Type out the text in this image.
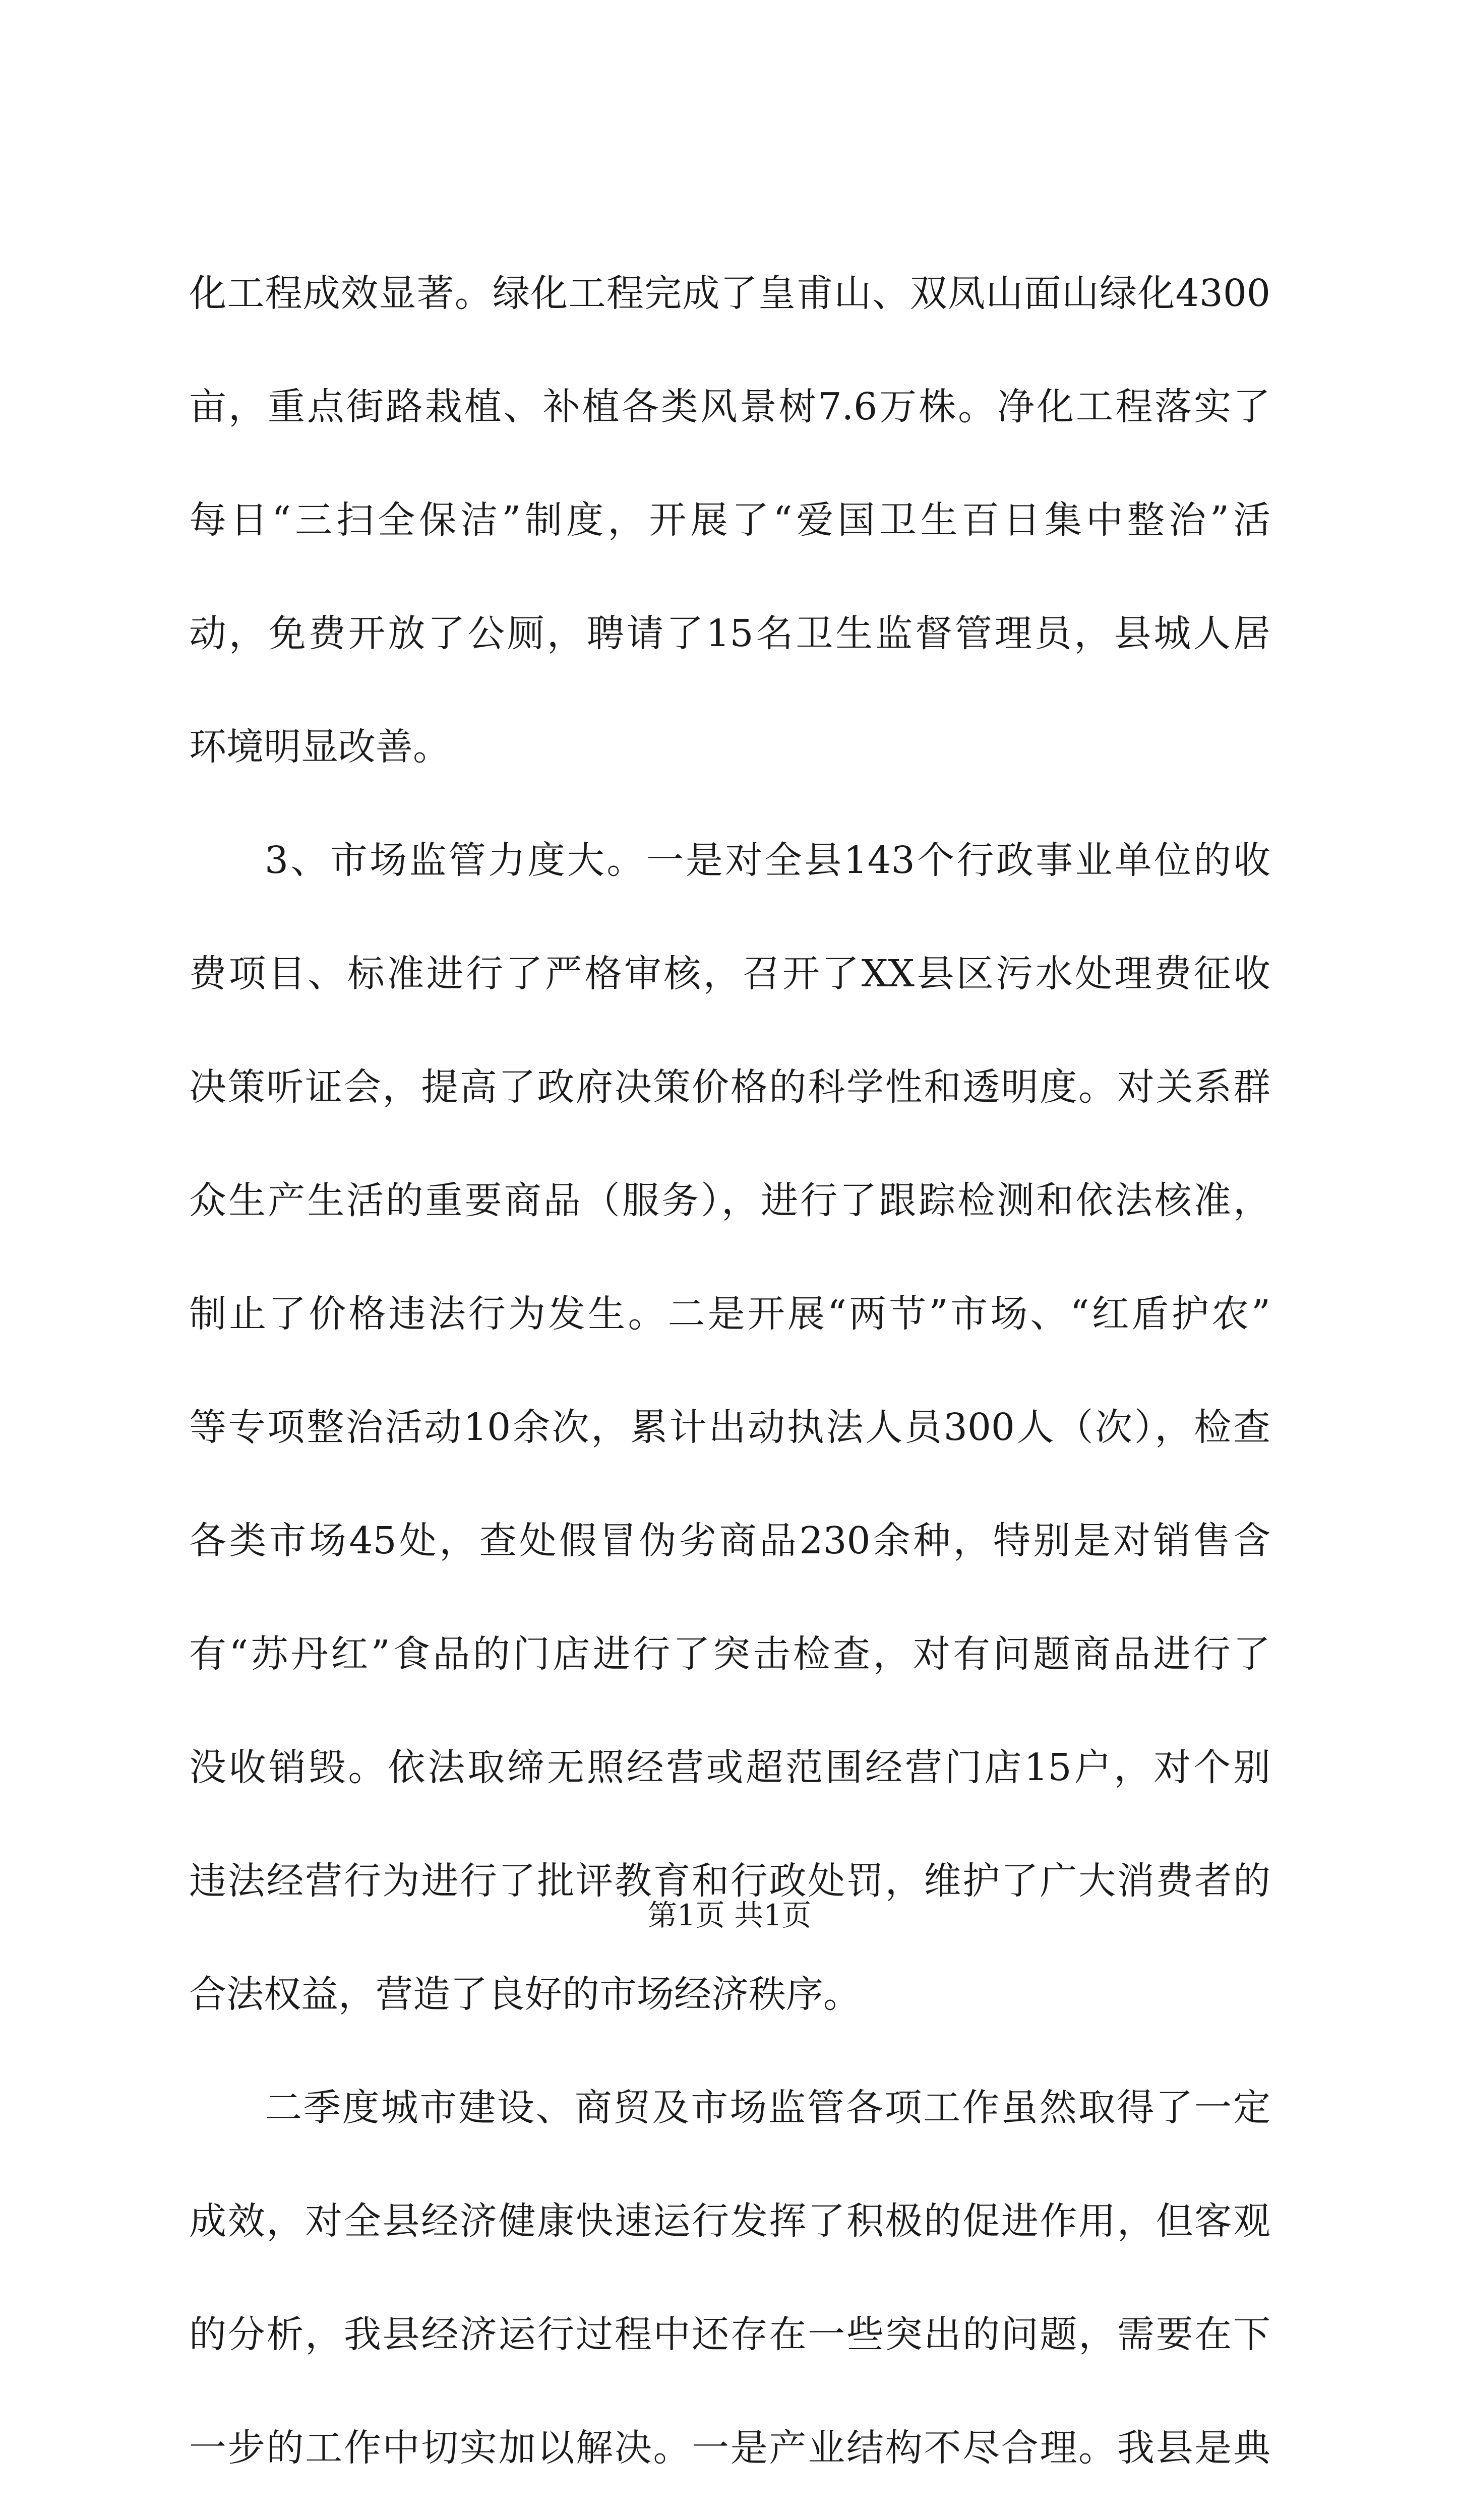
化工程成效显著。绿化工程完成了皇甫山、双凤山面山绿化4300
亩，重点街路栽植、补植各类风景树7.6万株。净化工程落实了
每日“三扫全保洁”制度，开展了“爱国卫生百日集中整治”活
动，免费开放了公厕，聘请了15名卫生监督管理员，县城人居
环境明显改善。
3、市场监管力度大。一是对全县143个行政事业单位的收
费项目、标准进行了严格审核，召开了XX县区污水处理费征收
决策听证会，提高了政府决策价格的科学性和透明度。对关系群
众生产生活的重要商品（服务），进行了跟踪检测和依法核准，
制止了价格违法行为发生。二是开展“两节”市场、“红盾护农”
等专项整治活动10余次，累计出动执法人员300人（次），检查
各类市场45处，查处假冒伪劣商品230余种，特别是对销售含
有“苏丹红”食品的门店进行了突击检查，对有问题商品进行了
没收销毁。依法取缔无照经营或超范围经营门店15户，对个别
违法经营行为进行了批评教育和行政处罚，维护了广大消费者的
合法权益，营造了良好的市场经济秩序。
二季度城市建设、商贸及市场监管各项工作虽然取得了一定
成效，对全县经济健康快速运行发挥了积极的促进作用，但客观
的分析，我县经济运行过程中还存在一些突出的问题，需要在下
一步的工作中切实加以解决。一是产业结构不尽合理。我县是典
第1页 共1页
